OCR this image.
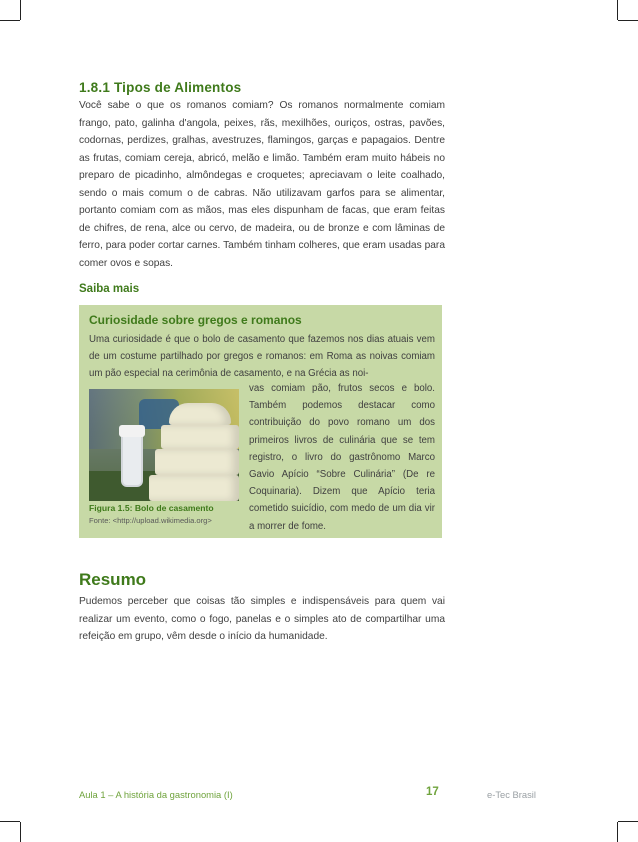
1.8.1 Tipos de Alimentos

Você sabe o que os romanos comiam? Os romanos normalmente comiam frango, pato, galinha d'angola, peixes, rãs, mexilhões, ouriços, ostras, pavões, codornas, perdizes, gralhas, avestruzes, flamingos, garças e papagaios. Dentre as frutas, comiam cereja, abricó, melão e limão. Também eram muito hábeis no preparo de picadinho, almôndegas e croquetes; apreciavam o leite coalhado, sendo o mais comum o de cabras. Não utilizavam garfos para se alimentar, portanto comiam com as mãos, mas eles dispunham de facas, que eram feitas de chifres, de rena, alce ou cervo, de madeira, ou de bronze e com lâminas de ferro, para poder cortar carnes. Também tinham colheres, que eram usadas para comer ovos e sopas.

Saiba mais
Curiosidade sobre gregos e romanos

Uma curiosidade é que o bolo de casamento que fazemos nos dias atuais vem de um costume partilhado por gregos e romanos: em Roma as noivas comiam um pão especial na cerimônia de casamento, e na Grécia as noi-

vas comiam pão, frutos secos e bolo. Também podemos destacar como contribuição do povo romano um dos primeiros livros de culinária que se tem registro, o livro do gastrônomo Marco Gavio Apício “Sobre Culinária” (De re Coquinaria). Dizem que Apício teria cometido suicídio, com medo de um dia vir a morrer de fome.

Figura 1.5: Bolo de casamento
Fonte: <http://upload.wikimedia.org>
Resumo

Pudemos perceber que coisas tão simples e indispensáveis para quem vai realizar um evento, como o fogo, panelas e o simples ato de compartilhar uma refeição em grupo, vêm desde o início da humanidade.

Aula 1 – A história da gastronomia (I)	17	e-Tec Brasil
